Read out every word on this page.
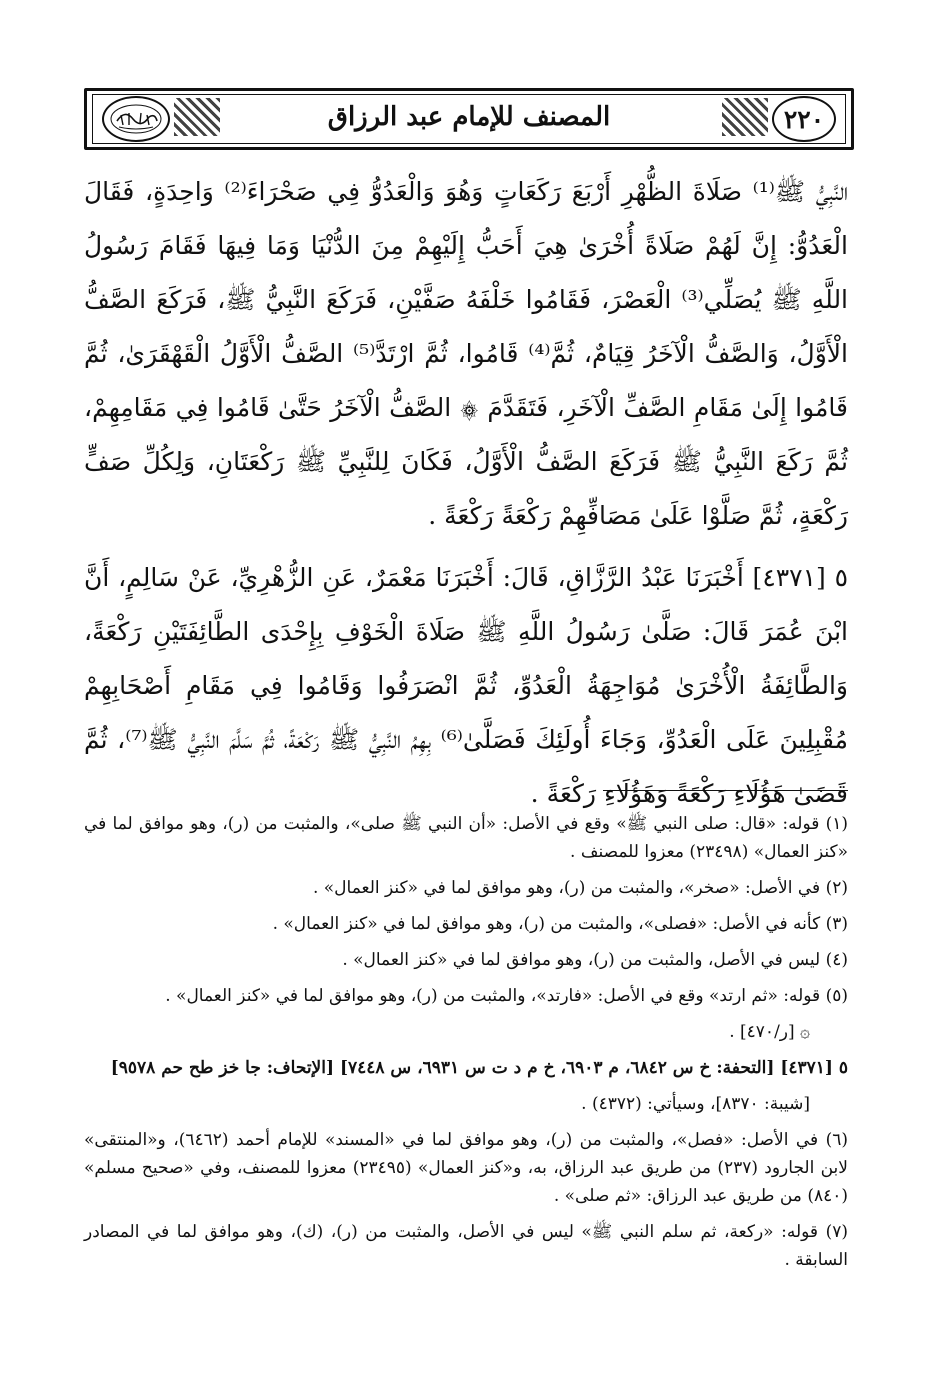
٢٢٠
المصنف للإمام عبد الرزاق

النَّبِيُّ ﷺ⁽¹⁾ صَلَاةَ الظُّهْرِ أَرْبَعَ رَكَعَاتٍ وَهُوَ وَالْعَدُوُّ فِي صَحْرَاءَ⁽²⁾ وَاحِدَةٍ، فَقَالَ الْعَدُوُّ: إِنَّ لَهُمْ صَلَاةً أُخْرَىٰ هِيَ أَحَبُّ إِلَيْهِمْ مِنَ الدُّنْيَا وَمَا فِيهَا فَقَامَ رَسُولُ اللَّهِ ﷺ يُصَلِّي⁽³⁾ الْعَصْرَ، فَقَامُوا خَلْفَهُ صَفَّيْنِ، فَرَكَعَ النَّبِيُّ ﷺ، فَرَكَعَ الصَّفُّ الْأَوَّلُ، وَالصَّفُّ الْآخَرُ قِيَامٌ، ثُمَّ⁽⁴⁾ قَامُوا، ثُمَّ ارْتَدَّ⁽⁵⁾ الصَّفُّ الْأَوَّلُ الْقَهْقَرَىٰ، ثُمَّ قَامُوا إِلَىٰ مَقَامِ الصَّفِّ الْآخَرِ، فَتَقَدَّمَ ۞ الصَّفُّ الْآخَرُ حَتَّىٰ قَامُوا فِي مَقَامِهِمْ، ثُمَّ رَكَعَ النَّبِيُّ ﷺ فَرَكَعَ الصَّفُّ الْأَوَّلُ، فَكَانَ لِلنَّبِيِّ ﷺ رَكْعَتَانِ، وَلِكُلِّ صَفٍّ رَكْعَةٍ، ثُمَّ صَلَّوْا عَلَىٰ مَصَافِّهِمْ رَكْعَةً رَكْعَةً .

٥ [٤٣٧١] أَخْبَرَنَا عَبْدُ الرَّزَّاقِ، قَالَ: أَخْبَرَنَا مَعْمَرٌ، عَنِ الزُّهْرِيِّ، عَنْ سَالِمٍ، أَنَّ ابْنَ عُمَرَ قَالَ: صَلَّىٰ رَسُولُ اللَّهِ ﷺ صَلَاةَ الْخَوْفِ بِإِحْدَى الطَّائِفَتَيْنِ رَكْعَةً، وَالطَّائِفَةُ الْأُخْرَىٰ مُوَاجِهَةُ الْعَدُوِّ، ثُمَّ انْصَرَفُوا وَقَامُوا فِي مَقَامِ أَصْحَابِهِمْ مُقْبِلِينَ عَلَى الْعَدُوِّ، وَجَاءَ أُولَئِكَ فَصَلَّىٰ⁽⁶⁾ بِهِمُ النَّبِيُّ ﷺ رَكْعَةً، ثُمَّ سَلَّمَ النَّبِيُّ ﷺ⁽⁷⁾، ثُمَّ قَضَىٰ هَؤُلَاءِ رَكْعَةً وَهَؤُلَاءِ رَكْعَةً .

(١) قوله: «قال: صلى النبي ﷺ» وقع في الأصل: «أن النبي ﷺ صلى»، والمثبت من (ر)، وهو موافق لما في «كنز العمال» (٢٣٤٩٨) معزوا للمصنف .

(٢) في الأصل: «صخر»، والمثبت من (ر)، وهو موافق لما في «كنز العمال» .

(٣) كأنه في الأصل: «فصلى»، والمثبت من (ر)، وهو موافق لما في «كنز العمال» .

(٤) ليس في الأصل، والمثبت من (ر)، وهو موافق لما في «كنز العمال» .

(٥) قوله: «ثم ارتد» وقع في الأصل: «فارتد»، والمثبت من (ر)، وهو موافق لما في «كنز العمال» .

۞ [ر/٤٧٠] .

٥ [٤٣٧١] [التحفة: خ س ٦٨٤٢، م ٦٩٠٣، خ م د ت س ٦٩٣١، س ٧٤٤٨] [الإتحاف: جا خز طح حم ٩٥٧٨]

[شيبة: ٨٣٧٠]، وسيأتي: (٤٣٧٢) .

(٦) في الأصل: «فصل»، والمثبت من (ر)، وهو موافق لما في «المسند» للإمام أحمد (٦٤٦٢)، و«المنتقى» لابن الجارود (٢٣٧) من طريق عبد الرزاق، به، و«كنز العمال» (٢٣٤٩٥) معزوا للمصنف، وفي «صحيح مسلم» (٨٤٠) من طريق عبد الرزاق: «ثم صلى» .

(٧) قوله: «ركعة، ثم سلم النبي ﷺ» ليس في الأصل، والمثبت من (ر)، (ك)، وهو موافق لما في المصادر السابقة .
